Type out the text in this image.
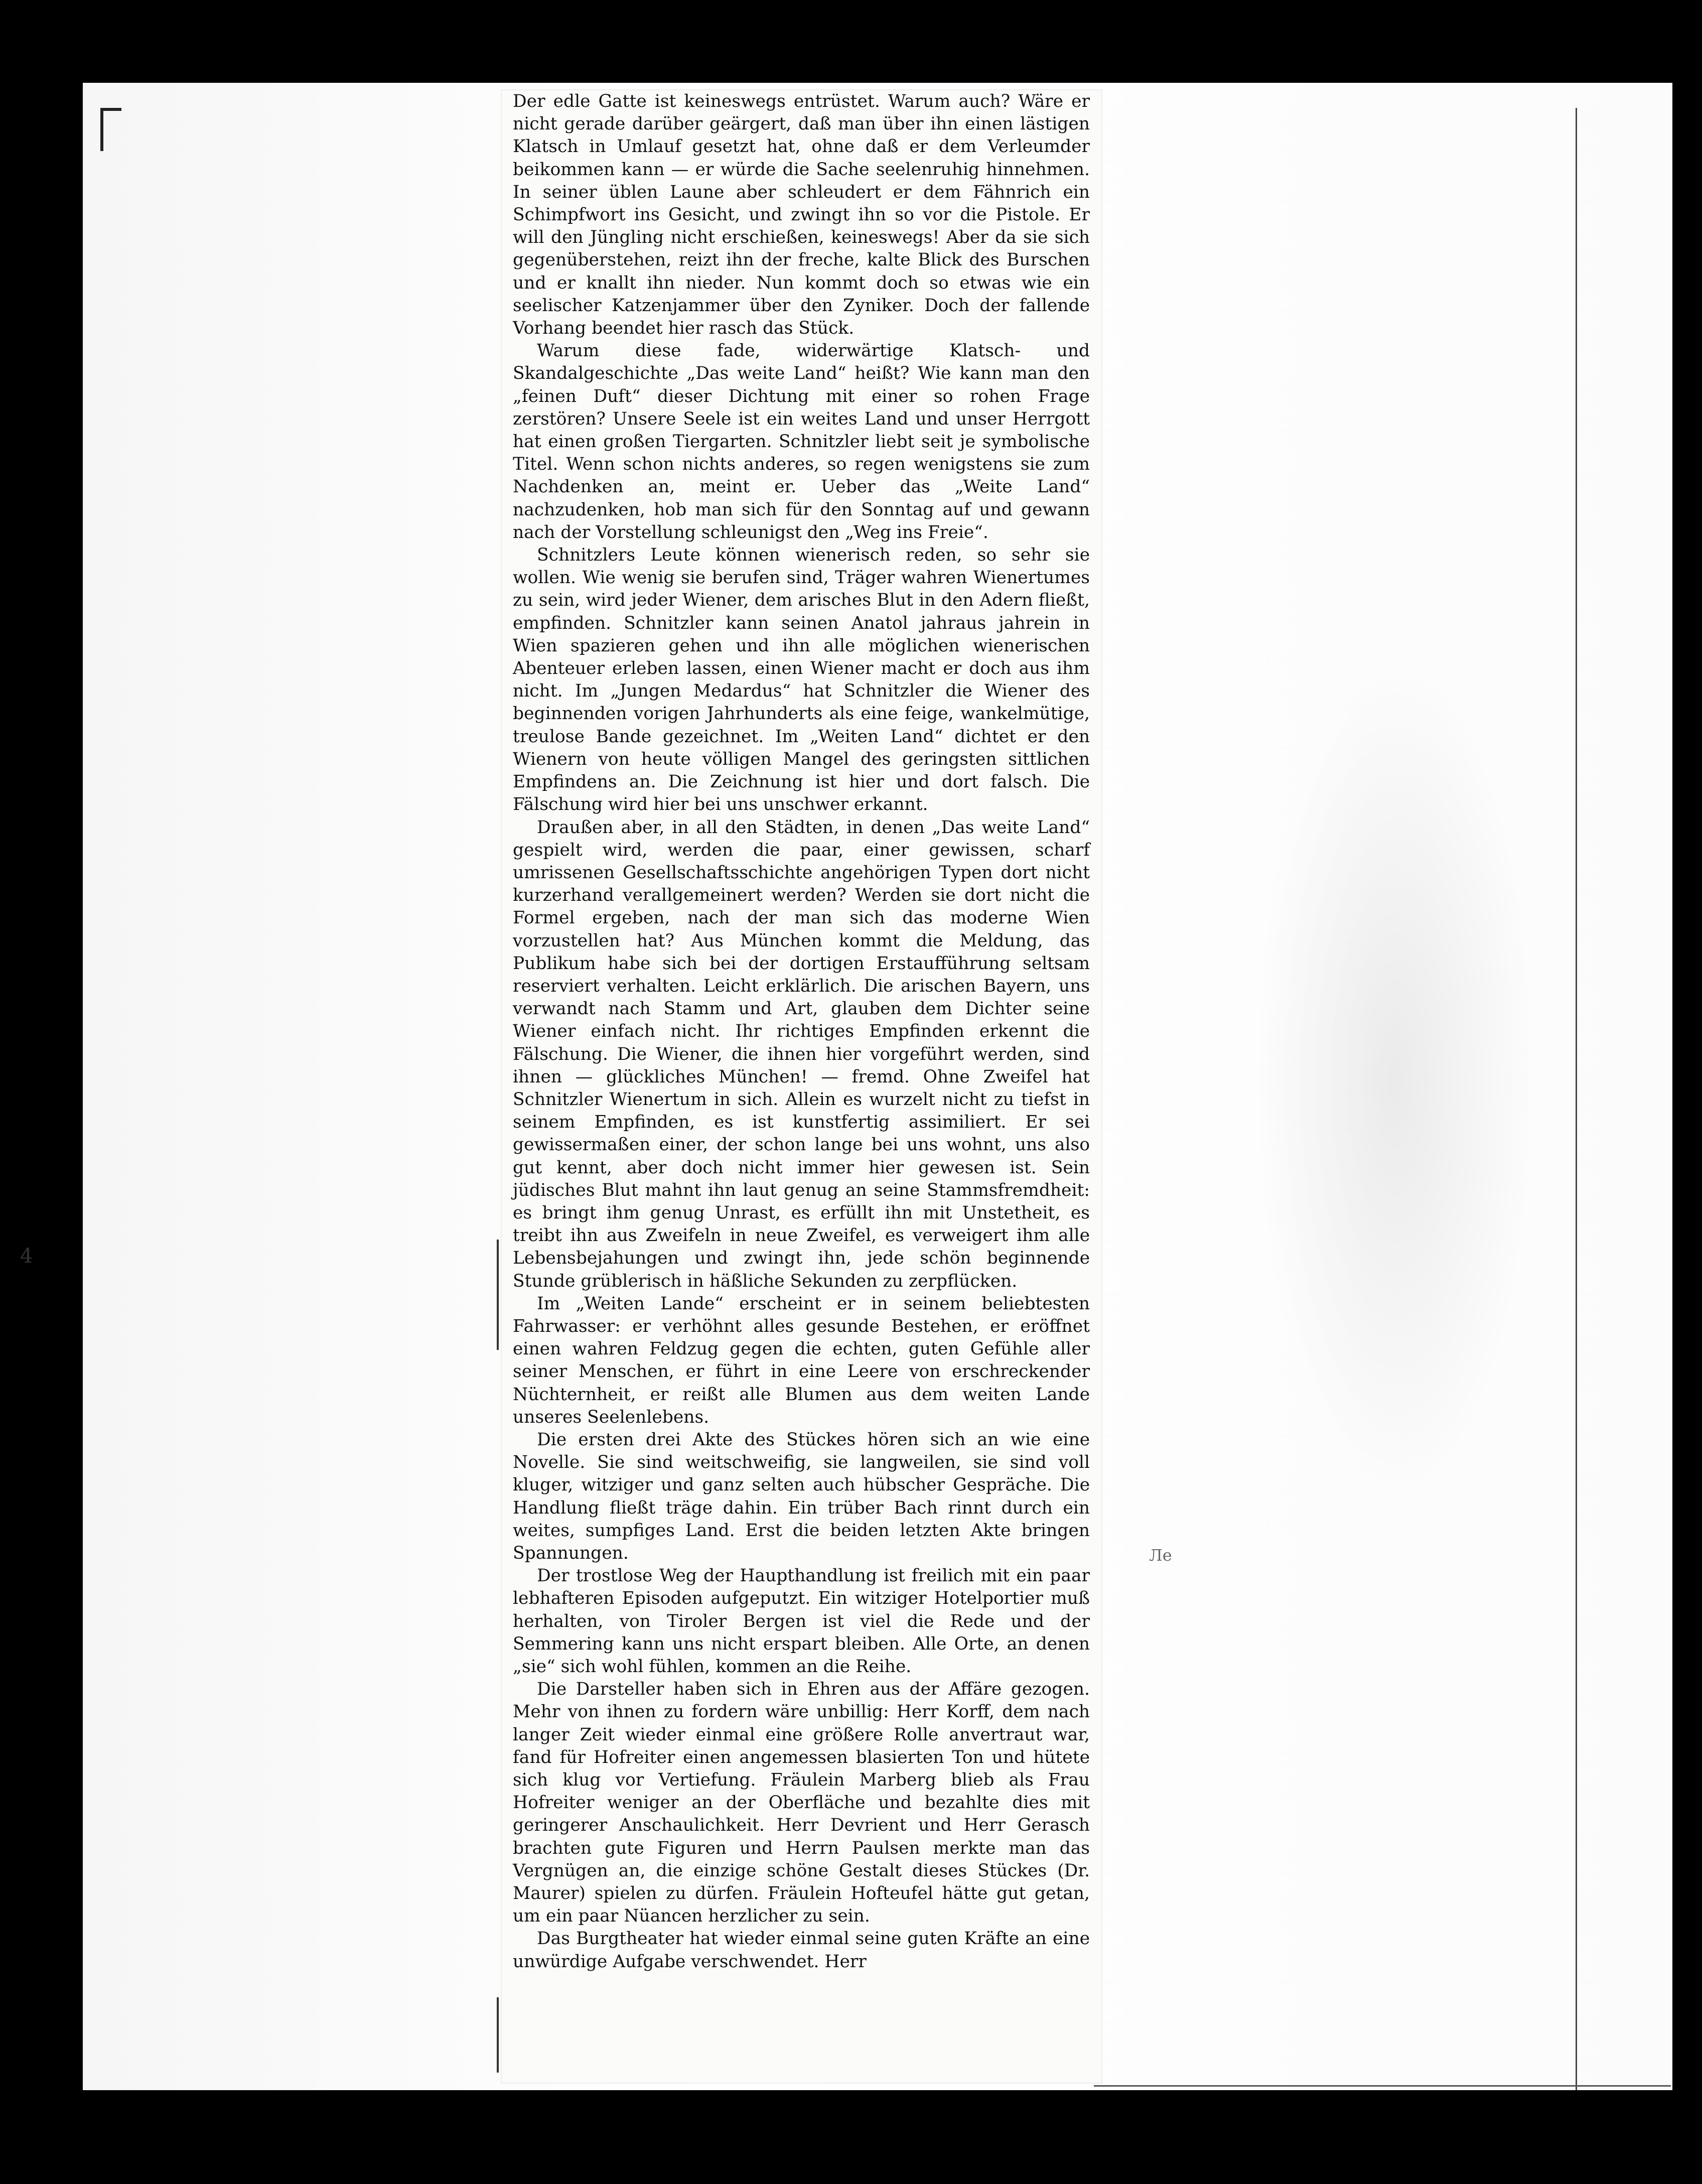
4
Ле

Der edle Gatte ist keineswegs entrüstet. Warum auch? Wäre er nicht gerade darüber geärgert, daß man über ihn einen lästigen Klatsch in Umlauf gesetzt hat, ohne daß er dem Verleumder beikommen kann — er würde die Sache seelenruhig hinnehmen. In seiner üblen Laune aber schleudert er dem Fähnrich ein Schimpfwort ins Gesicht, und zwingt ihn so vor die Pistole. Er will den Jüngling nicht erschießen, keineswegs! Aber da sie sich gegenüberstehen, reizt ihn der freche, kalte Blick des Burschen und er knallt ihn nieder. Nun kommt doch so etwas wie ein seelischer Katzenjammer über den Zyniker. Doch der fallende Vorhang beendet hier rasch das Stück.

Warum diese fade, widerwärtige Klatsch- und Skandalgeschichte „Das weite Land“ heißt? Wie kann man den „feinen Duft“ dieser Dichtung mit einer so rohen Frage zerstören? Unsere Seele ist ein weites Land und unser Herrgott hat einen großen Tiergarten. Schnitzler liebt seit je symbolische Titel. Wenn schon nichts anderes, so regen wenigstens sie zum Nachdenken an, meint er. Ueber das „Weite Land“ nachzudenken, hob man sich für den Sonntag auf und gewann nach der Vorstellung schleunigst den „Weg ins Freie“.

Schnitzlers Leute können wienerisch reden, so sehr sie wollen. Wie wenig sie berufen sind, Träger wahren Wienertumes zu sein, wird jeder Wiener, dem arisches Blut in den Adern fließt, empfinden. Schnitzler kann seinen Anatol jahraus jahrein in Wien spazieren gehen und ihn alle möglichen wienerischen Abenteuer erleben lassen, einen Wiener macht er doch aus ihm nicht. Im „Jungen Medardus“ hat Schnitzler die Wiener des beginnenden vorigen Jahrhunderts als eine feige, wankelmütige, treulose Bande gezeichnet. Im „Weiten Land“ dichtet er den Wienern von heute völligen Mangel des geringsten sittlichen Empfindens an. Die Zeichnung ist hier und dort falsch. Die Fälschung wird hier bei uns unschwer erkannt.

Draußen aber, in all den Städten, in denen „Das weite Land“ gespielt wird, werden die paar, einer gewissen, scharf umrissenen Gesellschaftsschichte angehörigen Typen dort nicht kurzerhand verallgemeinert werden? Werden sie dort nicht die Formel ergeben, nach der man sich das moderne Wien vorzustellen hat? Aus München kommt die Meldung, das Publikum habe sich bei der dortigen Erstaufführung seltsam reserviert verhalten. Leicht erklärlich. Die arischen Bayern, uns verwandt nach Stamm und Art, glauben dem Dichter seine Wiener einfach nicht. Ihr richtiges Empfinden erkennt die Fälschung. Die Wiener, die ihnen hier vorgeführt werden, sind ihnen — glückliches München! — fremd. Ohne Zweifel hat Schnitzler Wienertum in sich. Allein es wurzelt nicht zu tiefst in seinem Empfinden, es ist kunstfertig assimiliert. Er sei gewissermaßen einer, der schon lange bei uns wohnt, uns also gut kennt, aber doch nicht immer hier gewesen ist. Sein jüdisches Blut mahnt ihn laut genug an seine Stammsfremdheit: es bringt ihm genug Unrast, es erfüllt ihn mit Unstetheit, es treibt ihn aus Zweifeln in neue Zweifel, es verweigert ihm alle Lebensbejahungen und zwingt ihn, jede schön beginnende Stunde grüblerisch in häßliche Sekunden zu zerpflücken.

Im „Weiten Lande“ erscheint er in seinem beliebtesten Fahrwasser: er verhöhnt alles gesunde Bestehen, er eröffnet einen wahren Feldzug gegen die echten, guten Gefühle aller seiner Menschen, er führt in eine Leere von erschreckender Nüchternheit, er reißt alle Blumen aus dem weiten Lande unseres Seelenlebens.

Die ersten drei Akte des Stückes hören sich an wie eine Novelle. Sie sind weitschweifig, sie langweilen, sie sind voll kluger, witziger und ganz selten auch hübscher Gespräche. Die Handlung fließt träge dahin. Ein trüber Bach rinnt durch ein weites, sumpfiges Land. Erst die beiden letzten Akte bringen Spannungen.

Der trostlose Weg der Haupthandlung ist freilich mit ein paar lebhafteren Episoden aufgeputzt. Ein witziger Hotelportier muß herhalten, von Tiroler Bergen ist viel die Rede und der Semmering kann uns nicht erspart bleiben. Alle Orte, an denen „sie“ sich wohl fühlen, kommen an die Reihe.

Die Darsteller haben sich in Ehren aus der Affäre gezogen. Mehr von ihnen zu fordern wäre unbillig: Herr Korff, dem nach langer Zeit wieder einmal eine größere Rolle anvertraut war, fand für Hofreiter einen angemessen blasierten Ton und hütete sich klug vor Vertiefung. Fräulein Marberg blieb als Frau Hofreiter weniger an der Oberfläche und bezahlte dies mit geringerer Anschaulichkeit. Herr Devrient und Herr Gerasch brachten gute Figuren und Herrn Paulsen merkte man das Vergnügen an, die einzige schöne Gestalt dieses Stückes (Dr. Maurer) spielen zu dürfen. Fräulein Hofteufel hätte gut getan, um ein paar Nüancen herzlicher zu sein.

Das Burgtheater hat wieder einmal seine guten Kräfte an eine unwürdige Aufgabe verschwendet. Herr
